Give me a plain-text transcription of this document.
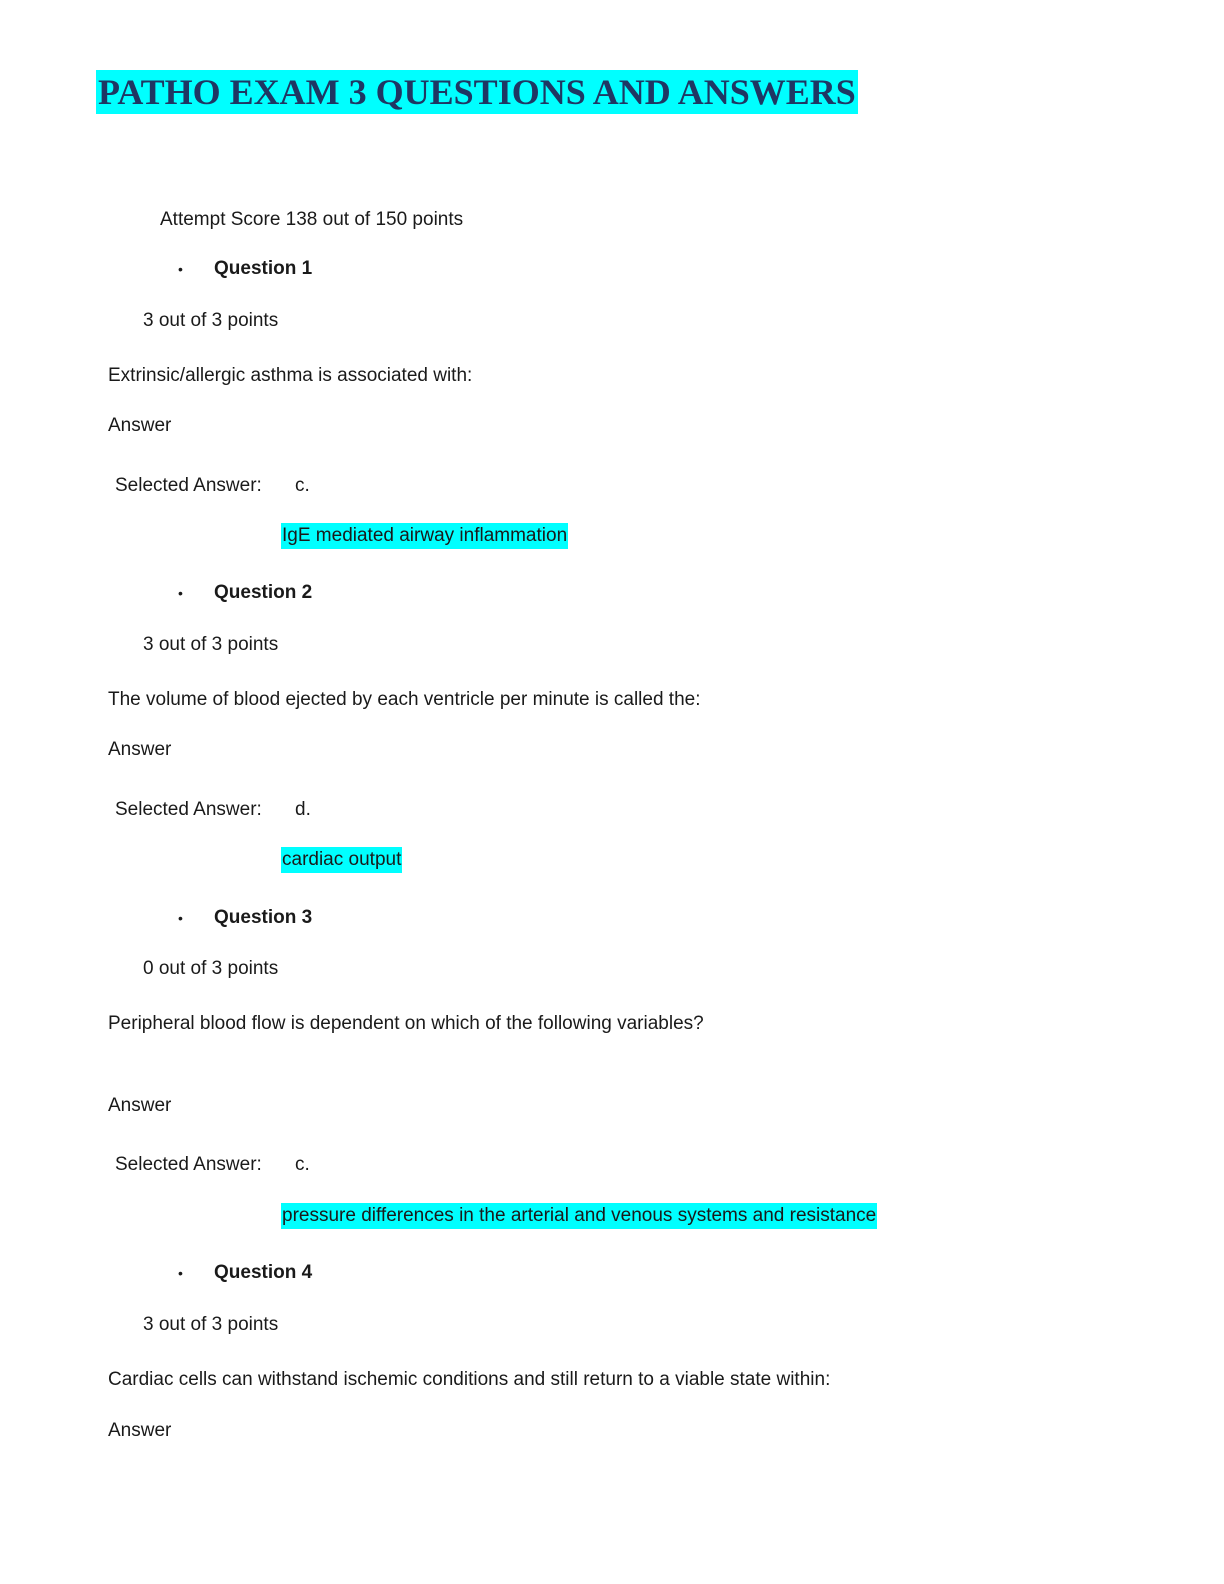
PATHO EXAM 3 QUESTIONS AND ANSWERS
Attempt Score 138 out of 150 points
• Question 1
3 out of 3 points
Extrinsic/allergic asthma is associated with:
Answer
Selected Answer: c.
IgE mediated airway inflammation
• Question 2
3 out of 3 points
The volume of blood ejected by each ventricle per minute is called the:
Answer
Selected Answer: d.
cardiac output
• Question 3
0 out of 3 points
Peripheral blood flow is dependent on which of the following variables?
Answer
Selected Answer: c.
pressure differences in the arterial and venous systems and resistance
• Question 4
3 out of 3 points
Cardiac cells can withstand ischemic conditions and still return to a viable state within:
Answer
